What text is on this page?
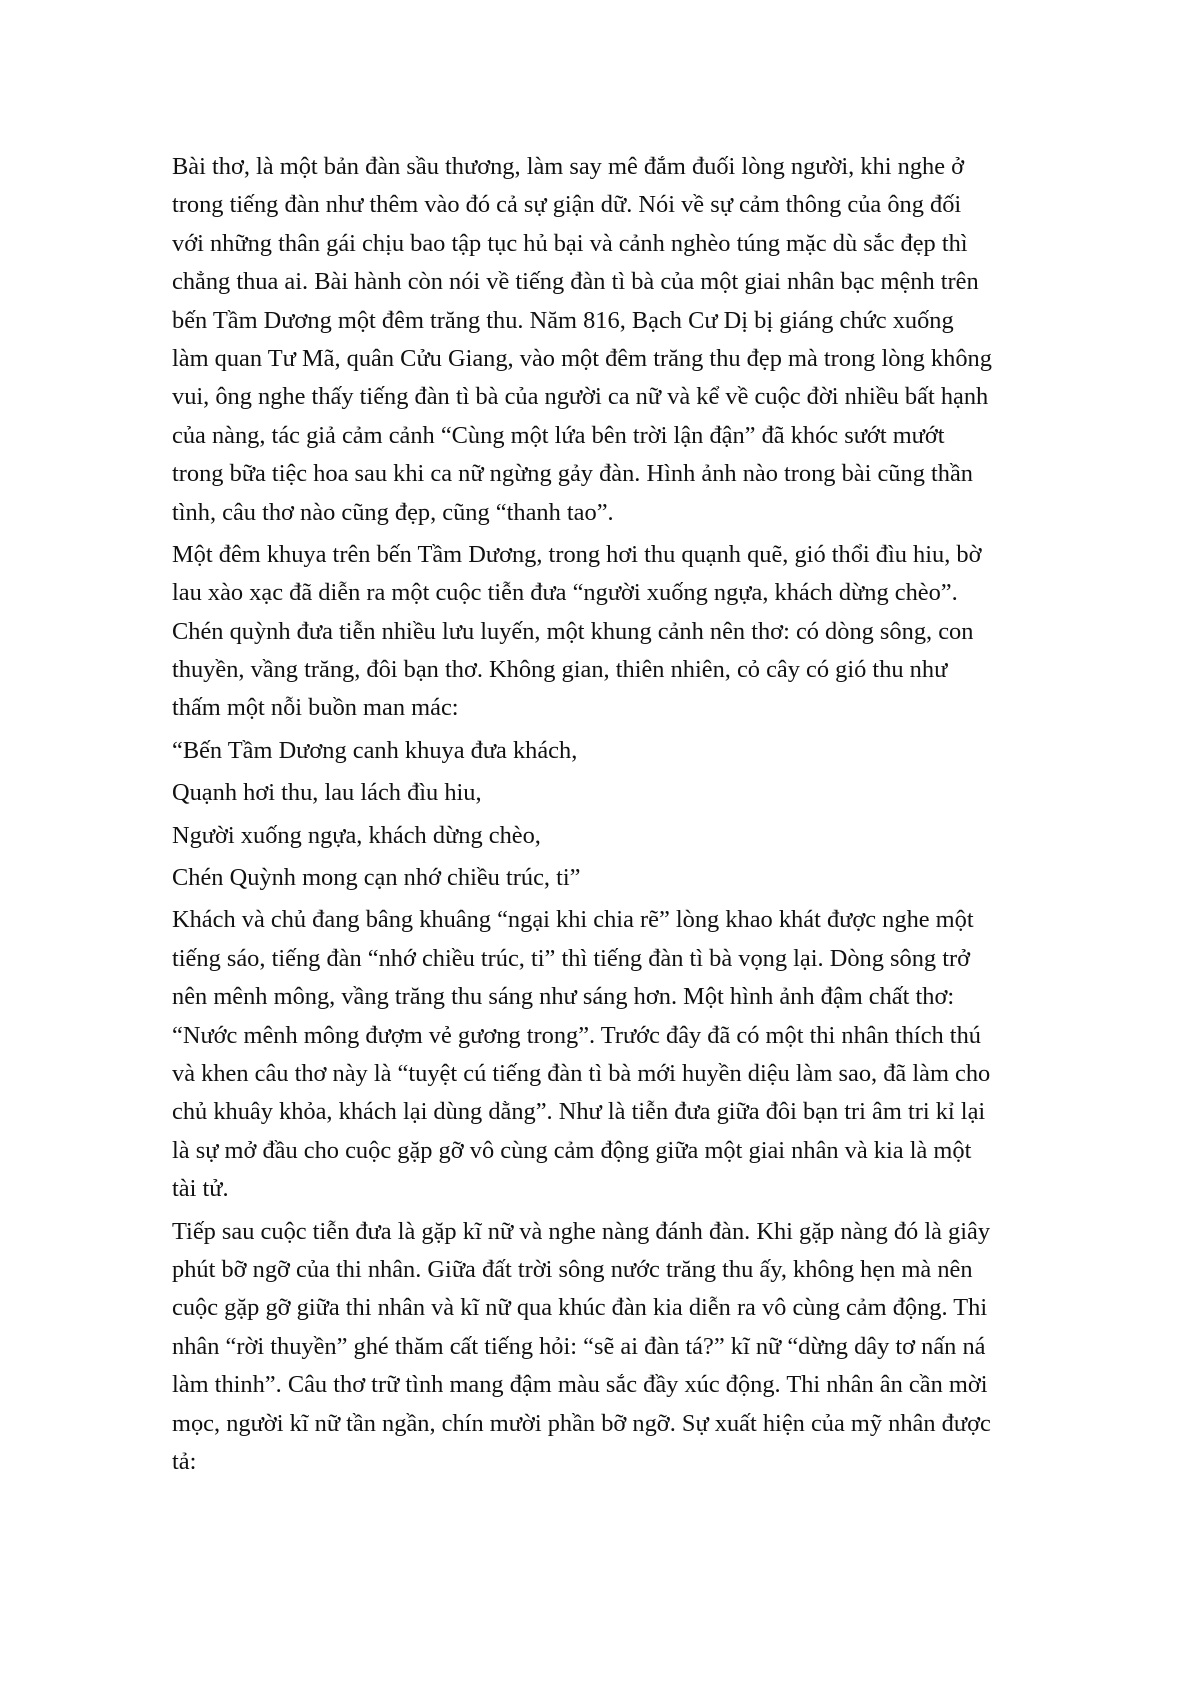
Bài thơ, là một bản đàn sầu thương, làm say mê đắm đuối lòng người, khi nghe ở
trong tiếng đàn như thêm vào đó cả sự giận dữ. Nói về sự cảm thông của ông đối
với những thân gái chịu bao tập tục hủ bại và cảnh nghèo túng mặc dù sắc đẹp thì
chẳng thua ai. Bài hành còn nói về tiếng đàn tì bà của một giai nhân bạc mệnh trên
bến Tầm Dương một đêm trăng thu. Năm 816, Bạch Cư Dị bị giáng chức xuống
làm quan Tư Mã, quân Cửu Giang, vào một đêm trăng thu đẹp mà trong lòng không
vui, ông nghe thấy tiếng đàn tì bà của người ca nữ và kể về cuộc đời nhiều bất hạnh
của nàng, tác giả cảm cảnh “Cùng một lứa bên trời lận đận” đã khóc sướt mướt
trong bữa tiệc hoa sau khi ca nữ ngừng gảy đàn. Hình ảnh nào trong bài cũng thần
tình, câu thơ nào cũng đẹp, cũng “thanh tao”.
Một đêm khuya trên bến Tầm Dương, trong hơi thu quạnh quẽ, gió thổi đìu hiu, bờ
lau xào xạc đã diễn ra một cuộc tiễn đưa “người xuống ngựa, khách dừng chèo”.
Chén quỳnh đưa tiễn nhiều lưu luyến, một khung cảnh nên thơ: có dòng sông, con
thuyền, vầng trăng, đôi bạn thơ. Không gian, thiên nhiên, cỏ cây có gió thu như
thấm một nỗi buồn man mác:
“Bến Tầm Dương canh khuya đưa khách,
Quạnh hơi thu, lau lách đìu hiu,
Người xuống ngựa, khách dừng chèo,
Chén Quỳnh mong cạn nhớ chiều trúc, ti”
Khách và chủ đang bâng khuâng “ngại khi chia rẽ” lòng khao khát được nghe một
tiếng sáo, tiếng đàn “nhớ chiều trúc, ti” thì tiếng đàn tì bà vọng lại. Dòng sông trở
nên mênh mông, vầng trăng thu sáng như sáng hơn. Một hình ảnh đậm chất thơ:
“Nước mênh mông đượm vẻ gương trong”. Trước đây đã có một thi nhân thích thú
và khen câu thơ này là “tuyệt cú tiếng đàn tì bà mới huyền diệu làm sao, đã làm cho
chủ khuây khỏa, khách lại dùng dằng”. Như là tiễn đưa giữa đôi bạn tri âm tri kỉ lại
là sự mở đầu cho cuộc gặp gỡ vô cùng cảm động giữa một giai nhân và kia là một
tài tử.
Tiếp sau cuộc tiễn đưa là gặp kĩ nữ và nghe nàng đánh đàn. Khi gặp nàng đó là giây
phút bỡ ngỡ của thi nhân. Giữa đất trời sông nước trăng thu ấy, không hẹn mà nên
cuộc gặp gỡ giữa thi nhân và kĩ nữ qua khúc đàn kia diễn ra vô cùng cảm động. Thi
nhân “rời thuyền” ghé thăm cất tiếng hỏi: “sẽ ai đàn tá?” kĩ nữ “dừng dây tơ nấn ná
làm thinh”. Câu thơ trữ tình mang đậm màu sắc đầy xúc động. Thi nhân ân cần mời
mọc, người kĩ nữ tần ngần, chín mười phần bỡ ngỡ. Sự xuất hiện của mỹ nhân được
tả:
